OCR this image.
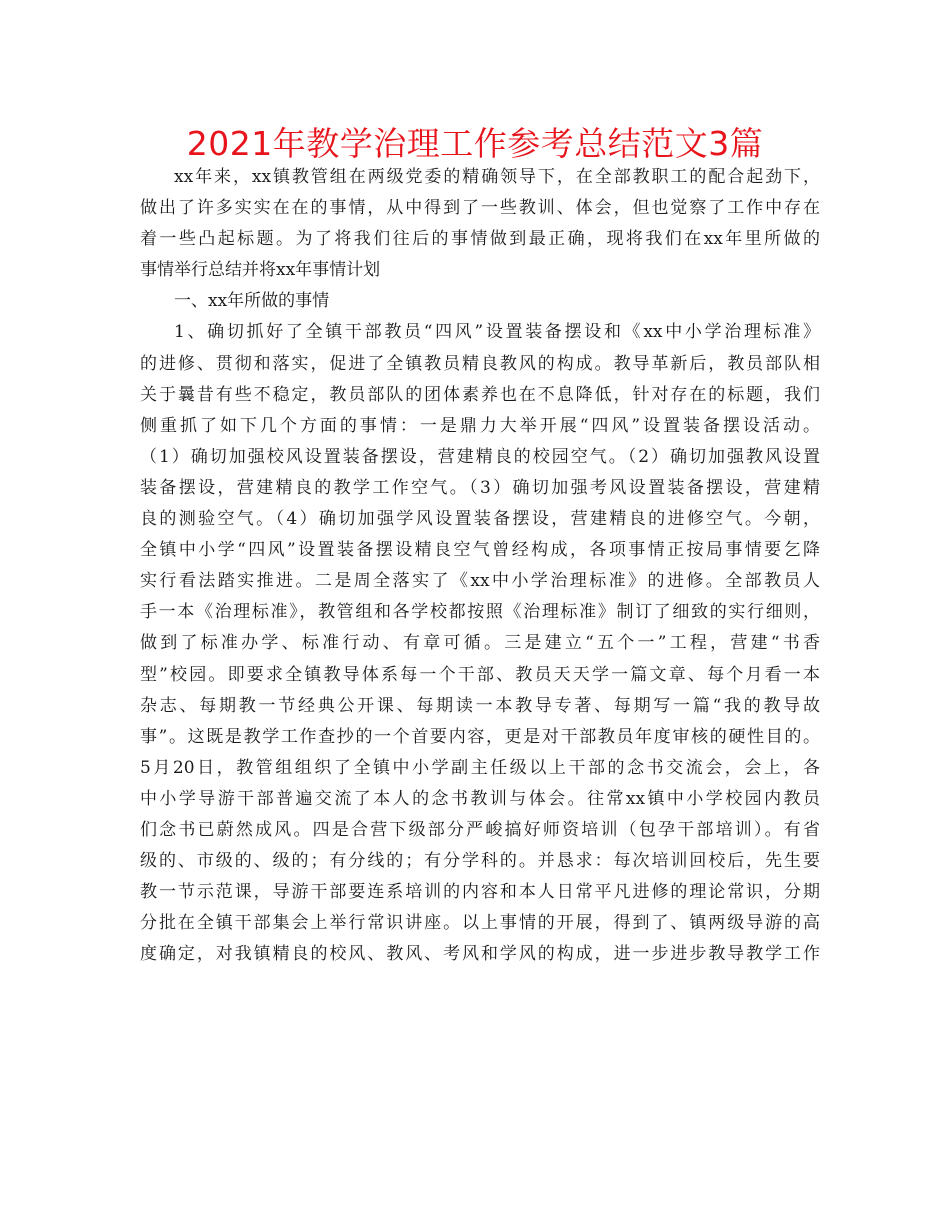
2021年教学治理工作参考总结范文3篇
xx年来，xx镇教管组在两级党委的精确领导下，在全部教职工的配合起劲下，
做出了许多实实在在的事情，从中得到了一些教训、体会，但也觉察了工作中存在
着一些凸起标题。为了将我们往后的事情做到最正确，现将我们在xx年里所做的
事情举行总结并将xx年事情计划
一、xx年所做的事情
1、确切抓好了全镇干部教员“四风”设置装备摆设和《xx中小学治理标准》
的进修、贯彻和落实，促进了全镇教员精良教风的构成。教导革新后，教员部队相
关于曩昔有些不稳定，教员部队的团体素养也在不息降低，针对存在的标题，我们
侧重抓了如下几个方面的事情：一是鼎力大举开展“四风”设置装备摆设活动。
（1）确切加强校风设置装备摆设，营建精良的校园空气。（2）确切加强教风设置
装备摆设，营建精良的教学工作空气。（3）确切加强考风设置装备摆设，营建精
良的测验空气。（4）确切加强学风设置装备摆设，营建精良的进修空气。今朝，
全镇中小学“四风”设置装备摆设精良空气曾经构成，各项事情正按局事情要乞降
实行看法踏实推进。二是周全落实了《xx中小学治理标准》的进修。全部教员人
手一本《治理标准》，教管组和各学校都按照《治理标准》制订了细致的实行细则，
做到了标准办学、标准行动、有章可循。三是建立“五个一”工程，营建“书香
型”校园。即要求全镇教导体系每一个干部、教员天天学一篇文章、每个月看一本
杂志、每期教一节经典公开课、每期读一本教导专著、每期写一篇“我的教导故
事”。这既是教学工作查抄的一个首要内容，更是对干部教员年度审核的硬性目的。
5月20日，教管组组织了全镇中小学副主任级以上干部的念书交流会，会上，各
中小学导游干部普遍交流了本人的念书教训与体会。往常xx镇中小学校园内教员
们念书已蔚然成风。四是合营下级部分严峻搞好师资培训（包孕干部培训）。有省
级的、市级的、级的；有分线的；有分学科的。并恳求：每次培训回校后，先生要
教一节示范课，导游干部要连系培训的内容和本人日常平凡进修的理论常识，分期
分批在全镇干部集会上举行常识讲座。以上事情的开展，得到了、镇两级导游的高
度确定，对我镇精良的校风、教风、考风和学风的构成，进一步进步教导教学工作
